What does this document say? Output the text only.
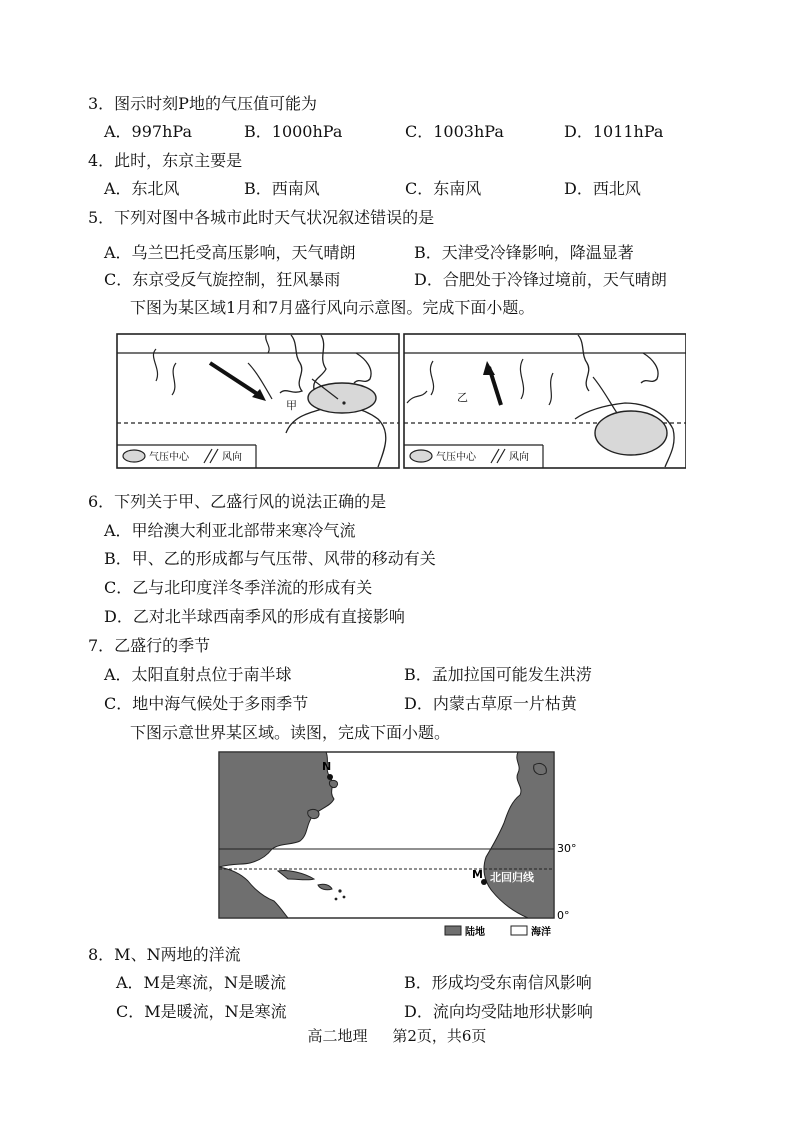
3．图示时刻P地的气压值可能为
A．997hPa	B．1000hPa	C．1003hPa	D．1011hPa
4．此时，东京主要是
A．东北风	B．西南风	C．东南风	D．西北风
5．下列对图中各城市此时天气状况叙述错误的是
A．乌兰巴托受高压影响，天气晴朗	B．天津受冷锋影响，降温显著
C．东京受反气旋控制，狂风暴雨	D．合肥处于冷锋过境前，天气晴朗
下图为某区域1月和7月盛行风向示意图。完成下面小题。
甲
气压中心	风向
乙
气压中心	风向
6．下列关于甲、乙盛行风的说法正确的是
A．甲给澳大利亚北部带来寒冷气流
B．甲、乙的形成都与气压带、风带的移动有关
C．乙与北印度洋冬季洋流的形成有关
D．乙对北半球西南季风的形成有直接影响
7．乙盛行的季节
A．太阳直射点位于南半球	B．孟加拉国可能发生洪涝
C．地中海气候处于多雨季节	D．内蒙古草原一片枯黄
下图示意世界某区域。读图，完成下面小题。
N
M 北回归线
30°
0°
陆地	海洋
8．M、N两地的洋流
A．M是寒流，N是暖流	B．形成均受东南信风影响
C．M是暖流，N是寒流	D．流向均受陆地形状影响
高二地理 第2页，共6页
